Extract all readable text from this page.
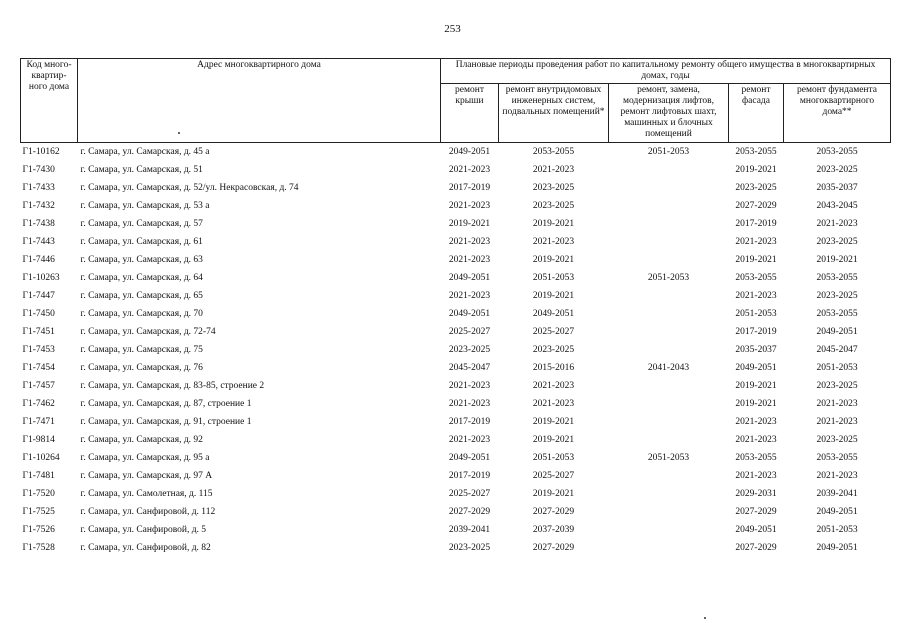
253
Код много-квартир-ного дома	Адрес многоквартирного дома	Плановые периоды проведения работ по капитальному ремонту общего имущества в многоквартирных домах, годы				
		ремонт крыши	ремонт внутридомовых инженерных систем, подвальных помещений*	ремонт, замена, модернизация лифтов, ремонт лифтовых шахт, машинных и блочных помещений	ремонт фасада	ремонт фундамента многоквартирного дома**
Г1-10162	г. Самара, ул. Самарская, д. 45 а	2049-2051	2053-2055	2051-2053	2053-2055	2053-2055
Г1-7430	г. Самара, ул. Самарская, д. 51	2021-2023	2021-2023		2019-2021	2023-2025
Г1-7433	г. Самара, ул. Самарская, д. 52/ул. Некрасовская, д. 74	2017-2019	2023-2025		2023-2025	2035-2037
Г1-7432	г. Самара, ул. Самарская, д. 53 а	2021-2023	2023-2025		2027-2029	2043-2045
Г1-7438	г. Самара, ул. Самарская, д. 57	2019-2021	2019-2021		2017-2019	2021-2023
Г1-7443	г. Самара, ул. Самарская, д. 61	2021-2023	2021-2023		2021-2023	2023-2025
Г1-7446	г. Самара, ул. Самарская, д. 63	2021-2023	2019-2021		2019-2021	2019-2021
Г1-10263	г. Самара, ул. Самарская, д. 64	2049-2051	2051-2053	2051-2053	2053-2055	2053-2055
Г1-7447	г. Самара, ул. Самарская, д. 65	2021-2023	2019-2021		2021-2023	2023-2025
Г1-7450	г. Самара, ул. Самарская, д. 70	2049-2051	2049-2051		2051-2053	2053-2055
Г1-7451	г. Самара, ул. Самарская, д. 72-74	2025-2027	2025-2027		2017-2019	2049-2051
Г1-7453	г. Самара, ул. Самарская, д. 75	2023-2025	2023-2025		2035-2037	2045-2047
Г1-7454	г. Самара, ул. Самарская, д. 76	2045-2047	2015-2016	2041-2043	2049-2051	2051-2053
Г1-7457	г. Самара, ул. Самарская, д. 83-85, строение 2	2021-2023	2021-2023		2019-2021	2023-2025
Г1-7462	г. Самара, ул. Самарская, д. 87, строение 1	2021-2023	2021-2023		2019-2021	2021-2023
Г1-7471	г. Самара, ул. Самарская, д. 91, строение 1	2017-2019	2019-2021		2021-2023	2021-2023
Г1-9814	г. Самара, ул. Самарская, д. 92	2021-2023	2019-2021		2021-2023	2023-2025
Г1-10264	г. Самара, ул. Самарская, д. 95 а	2049-2051	2051-2053	2051-2053	2053-2055	2053-2055
Г1-7481	г. Самара, ул. Самарская, д. 97 А	2017-2019	2025-2027		2021-2023	2021-2023
Г1-7520	г. Самара, ул. Самолетная, д. 115	2025-2027	2019-2021		2029-2031	2039-2041
Г1-7525	г. Самара, ул. Санфировой, д. 112	2027-2029	2027-2029		2027-2029	2049-2051
Г1-7526	г. Самара, ул. Санфировой, д. 5	2039-2041	2037-2039		2049-2051	2051-2053
Г1-7528	г. Самара, ул. Санфировой, д. 82	2023-2025	2027-2029		2027-2029	2049-2051
